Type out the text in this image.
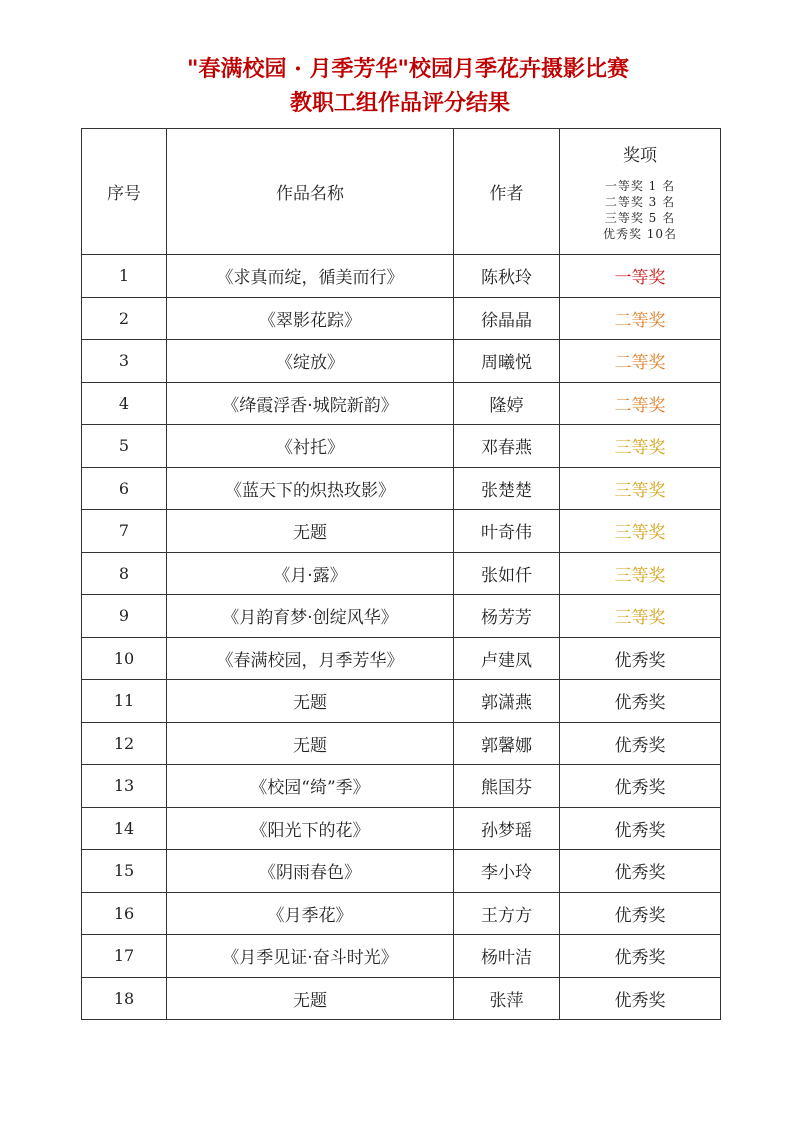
"春满校园 · 月季芳华"校园月季花卉摄影比赛
教职工组作品评分结果
序号	作品名称	作者	奖项
一等奖 1 名
二等奖 3 名
三等奖 5 名
优秀奖 10名

1	《求真而绽，循美而行》	陈秋玲	一等奖
2	《翠影花踪》	徐晶晶	二等奖
3	《绽放》	周曦悦	二等奖
4	《绛霞浮香·城院新韵》	隆婷	二等奖
5	《衬托》	邓春燕	三等奖
6	《蓝天下的炽热玫影》	张楚楚	三等奖
7	无题	叶奇伟	三等奖
8	《月·露》	张如仟	三等奖
9	《月韵育梦·创绽风华》	杨芳芳	三等奖
10	《春满校园，月季芳华》	卢建凤	优秀奖
11	无题	郭潇燕	优秀奖
12	无题	郭馨娜	优秀奖
13	《校园“绮”季》	熊国芬	优秀奖
14	《阳光下的花》	孙梦瑶	优秀奖
15	《阴雨春色》	李小玲	优秀奖
16	《月季花》	王方方	优秀奖
17	《月季见证·奋斗时光》	杨叶洁	优秀奖
18	无题	张萍	优秀奖
